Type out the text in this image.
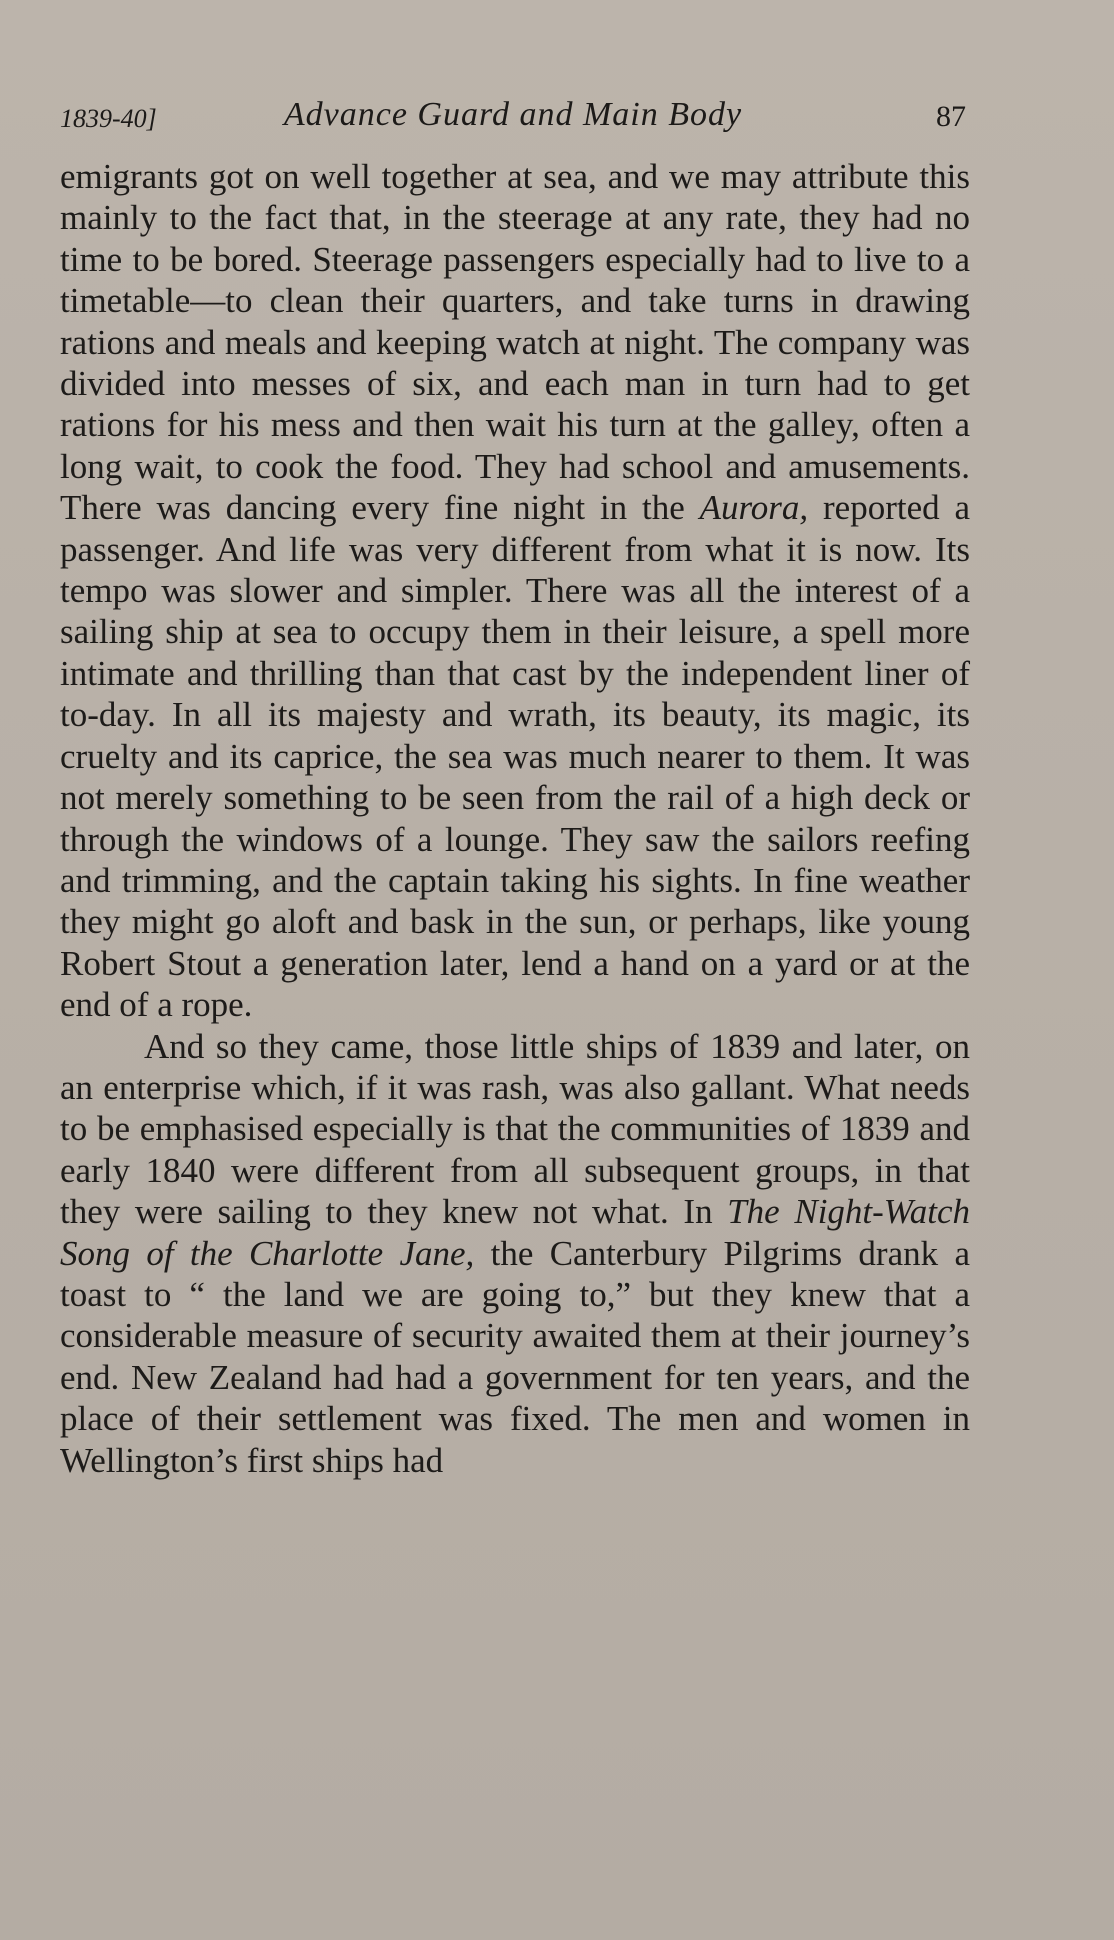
1839-40]	Advance Guard and Main Body	87

emigrants got on well together at sea, and we may attribute this mainly to the fact that, in the steerage at any rate, they had no time to be bored. Steerage passengers especially had to live to a timetable—to clean their quarters, and take turns in drawing rations and meals and keeping watch at night. The company was divided into messes of six, and each man in turn had to get rations for his mess and then wait his turn at the galley, often a long wait, to cook the food. They had school and amusements. There was dancing every fine night in the Aurora, reported a passenger. And life was very different from what it is now. Its tempo was slower and simpler. There was all the interest of a sailing ship at sea to occupy them in their leisure, a spell more intimate and thrilling than that cast by the independent liner of to-day. In all its majesty and wrath, its beauty, its magic, its cruelty and its caprice, the sea was much nearer to them. It was not merely something to be seen from the rail of a high deck or through the windows of a lounge. They saw the sailors reefing and trimming, and the captain taking his sights. In fine weather they might go aloft and bask in the sun, or perhaps, like young Robert Stout a generation later, lend a hand on a yard or at the end of a rope.

And so they came, those little ships of 1839 and later, on an enterprise which, if it was rash, was also gallant. What needs to be emphasised especially is that the communities of 1839 and early 1840 were different from all subsequent groups, in that they were sailing to they knew not what. In The Night-Watch Song of the Charlotte Jane, the Canterbury Pilgrims drank a toast to “ the land we are going to,” but they knew that a considerable measure of security awaited them at their journey’s end. New Zealand had had a government for ten years, and the place of their settlement was fixed. The men and women in Wellington’s first ships had
